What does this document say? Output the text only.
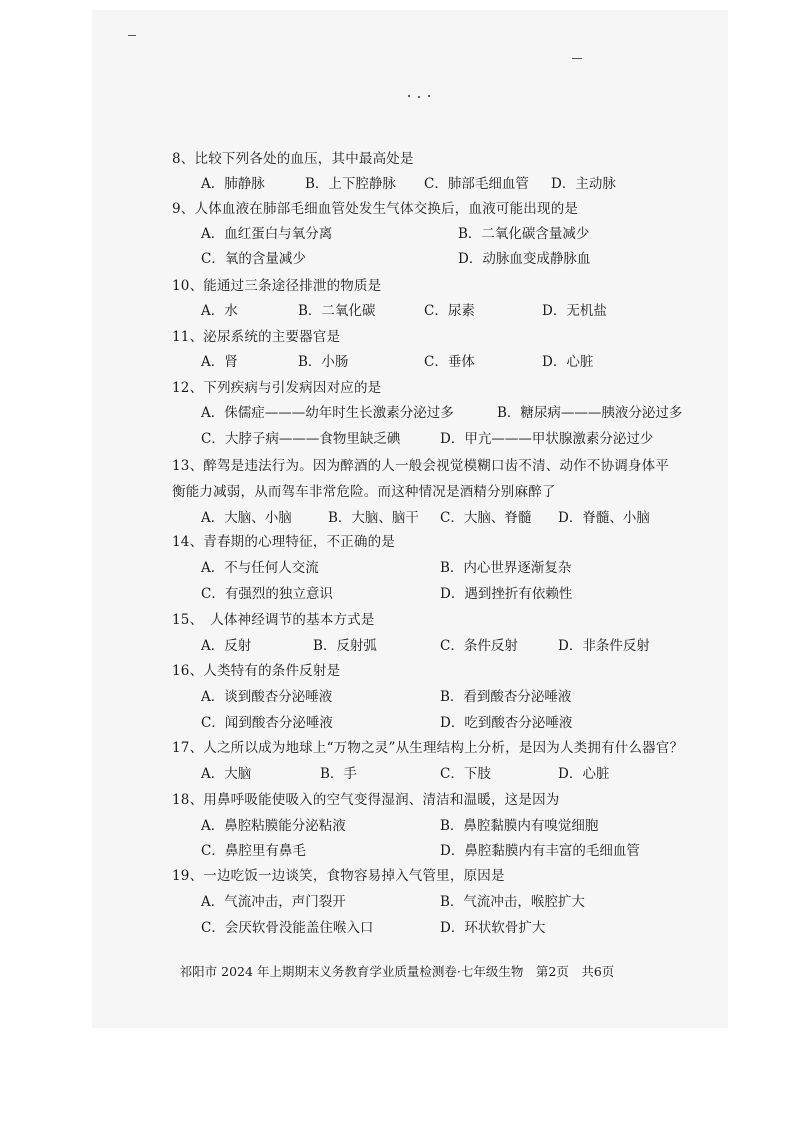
8、比较下列各处的血压，其中最高处是
A．肺静脉	B．上下腔静脉 C．肺部毛细血管 D．主动脉
9、人体血液在肺部毛细血管处发生气体交换后，血液可能出现的是
A．血红蛋白与氧分离	B．二氧化碳含量减少
C．氧的含量减少	D．动脉血变成静脉血
10、能通过三条途径排泄的物质是
A．水	B．二氧化碳	C．尿素	D．无机盐
11、泌尿系统的主要器官是
A．肾	B．小肠	C．垂体	D．心脏
12、下列疾病与引发病因对应的是
A．侏儒症———幼年时生长激素分泌过多	B．糖尿病———胰液分泌过多
C．大脖子病———食物里缺乏碘	D．甲亢———甲状腺激素分泌过少
13、醉驾是违法行为。因为醉酒的人一般会视觉模糊口齿不清、动作不协调身体平
衡能力减弱，从而驾车非常危险。而这种情况是酒精分别麻醉了
A．大脑、小脑	B．大脑、脑干 C．大脑、脊髓 D．脊髓、小脑
14、青春期的心理特征，不正确的是
A．不与任何人交流	B．内心世界逐渐复杂
C．有强烈的独立意识	D．遇到挫折有依赖性
15、　人体神经调节的基本方式是
A．反射	B．反射弧	C．条件反射	D．非条件反射
16、人类特有的条件反射是
A．谈到酸杏分泌唾液	B．看到酸杏分泌唾液
C．闻到酸杏分泌唾液	D．吃到酸杏分泌唾液
17、人之所以成为地球上“万物之灵”从生理结构上分析，是因为人类拥有什么器官？
A．大脑	B．手	C．下肢	D．心脏
18、用鼻呼吸能使吸入的空气变得湿润、清洁和温暖，这是因为
A．鼻腔粘膜能分泌粘液	B．鼻腔黏膜内有嗅觉细胞
C．鼻腔里有鼻毛	D．鼻腔黏膜内有丰富的毛细血管
19、一边吃饭一边谈笑，食物容易掉入气管里，原因是
A．气流冲击，声门裂开	B．气流冲击，喉腔扩大
C．会厌软骨没能盖住喉入口	D．环状软骨扩大
祁阳市 2024 年上期期末义务教育学业质量检测卷·七年级生物　第2页　共6页
